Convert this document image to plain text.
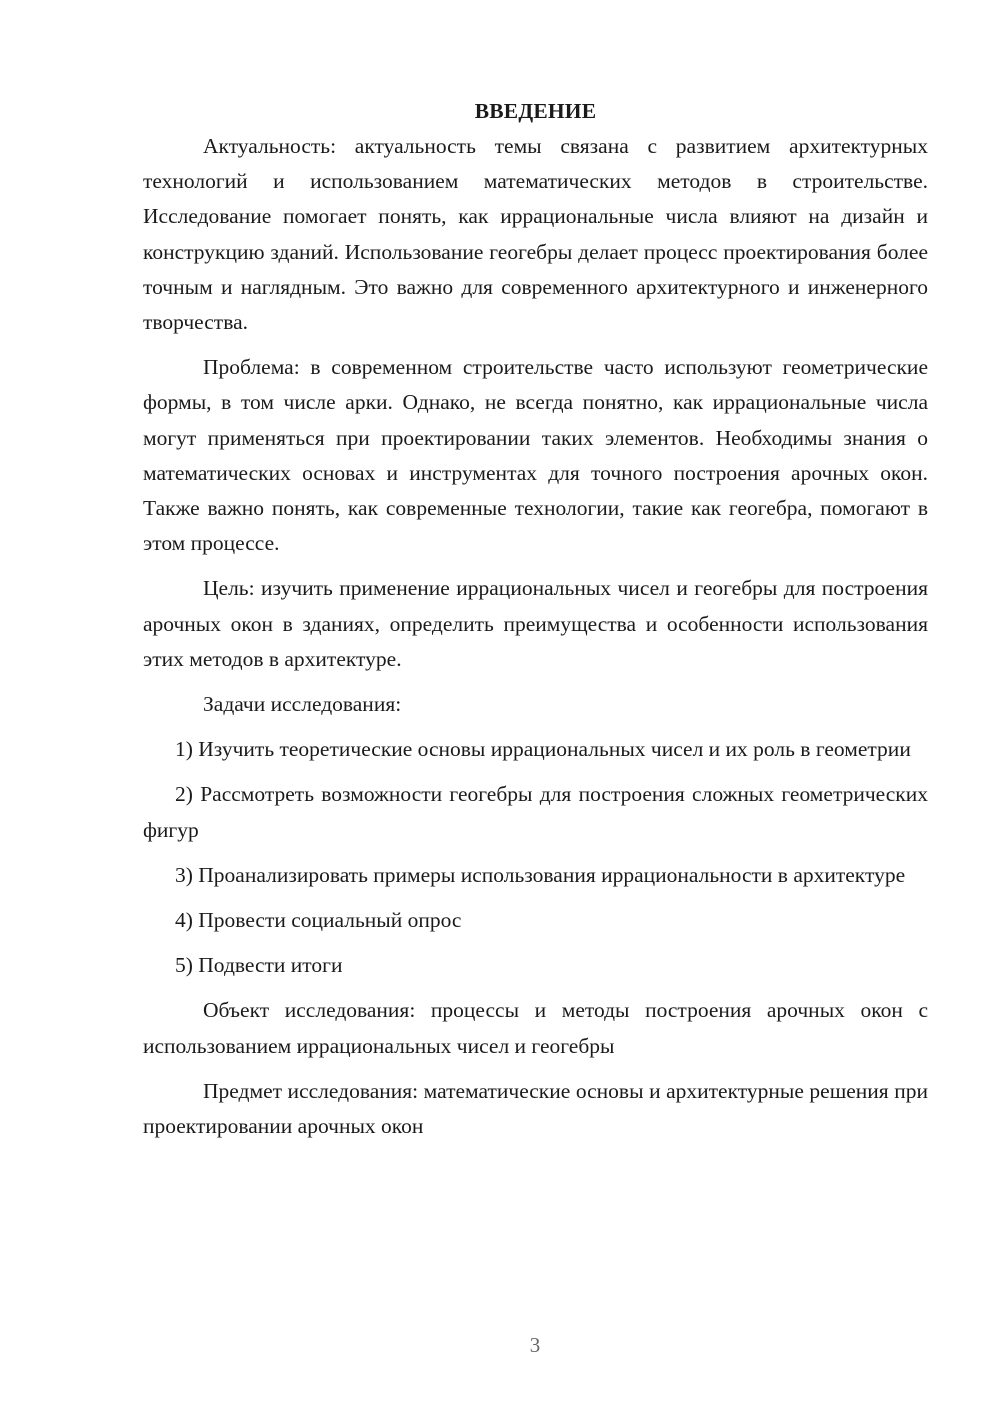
ВВЕДЕНИЕ

Актуальность: актуальность темы связана с развитием архитектурных технологий и использованием математических методов в строительстве. Исследование помогает понять, как иррациональные числа влияют на дизайн и конструкцию зданий. Использование геогебры делает процесс проектирования более точным и наглядным. Это важно для современного архитектурного и инженерного творчества.

Проблема: в современном строительстве часто используют геометрические формы, в том числе арки. Однако, не всегда понятно, как иррациональные числа могут применяться при проектировании таких элементов. Необходимы знания о математических основах и инструментах для точного построения арочных окон. Также важно понять, как современные технологии, такие как геогебра, помогают в этом процессе.

Цель: изучить применение иррациональных чисел и геогебры для построения арочных окон в зданиях, определить преимущества и особенности использования этих методов в архитектуре.

Задачи исследования:

1) Изучить теоретические основы иррациональных чисел и их роль в геометрии

2) Рассмотреть возможности геогебры для построения сложных геометрических фигур

3) Проанализировать примеры использования иррациональности в архитектуре

4) Провести социальный опрос

5) Подвести итоги

Объект исследования: процессы и методы построения арочных окон с использованием иррациональных чисел и геогебры

Предмет исследования: математические основы и архитектурные решения при проектировании арочных окон

3
